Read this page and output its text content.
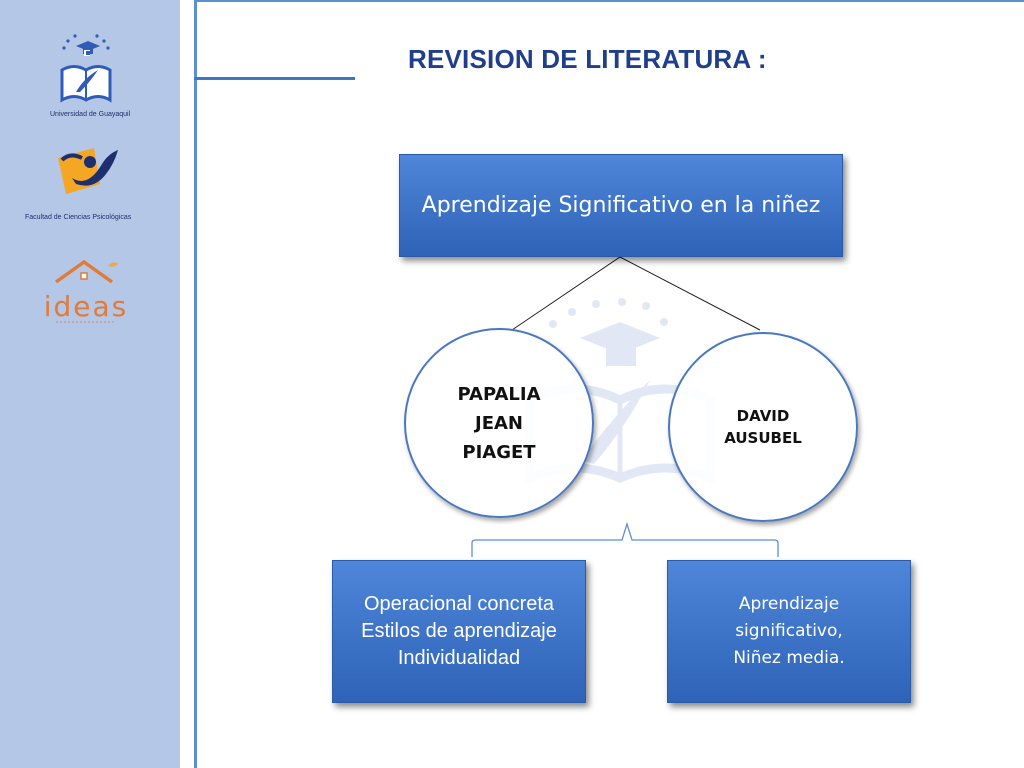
Universidad de Guayaquil
Facultad de Ciencias Psicológicas
ideas
REVISION DE LITERATURA :
Aprendizaje Significativo en la niñez
PAPALIA
JEAN
PIAGET
DAVID
AUSUBEL
Operacional concreta
Estilos de aprendizaje
Individualidad
Aprendizaje
significativo,
Niñez media.
